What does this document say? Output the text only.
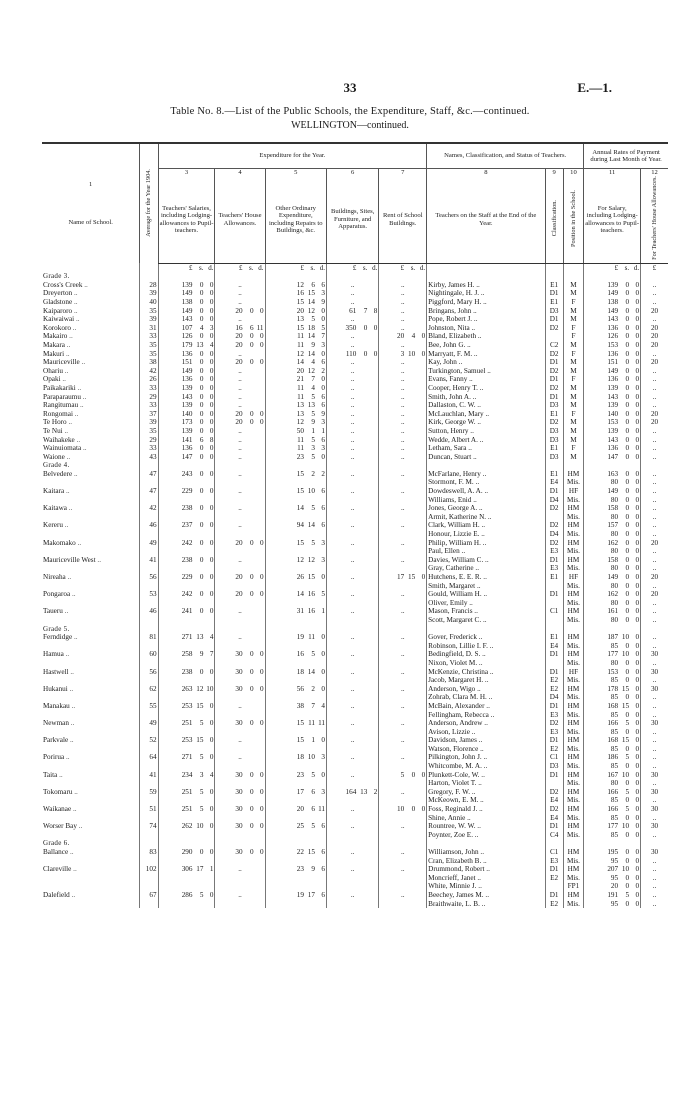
33	E.—1.
Table No. 8.—List of the Public Schools, the Expenditure, Staff, &c.—continued.
WELLINGTON—continued.
1
Name of School.	Average for the Year 1904.	Expenditure for the Year.					Names, Classification, and Status of Teachers.			Annual Rates of Payment during Last Month of Year.	
		3	4	5	6	7	8	9	10	11	12
		Teachers' Salaries, including Lodging-allowances to Pupil-teachers.	Teachers' House Allowances.	Other Ordinary Expenditure, including Repairs to Buildings, &c.	Buildings, Sites, Furniture, and Apparatus.	Rent of School Buildings.	Teachers on the Staff at the End of the Year.	Classification.	Position in the School.	For Salary, including Lodging-allowances to Pupil-teachers.	For Teachers' House Allowances.

		£ s. d.	£ s. d.	£ s. d.	£ s. d.	£ s. d.				£ s. d.	£
Grade 3.											
Cross's Creek ..	28	139 0 0	..	12 6 6	..	..	Kirby, James H. ..	E1	M	139 0 0	..
Dreyerton ..	39	149 0 0	..	16 15 3	..	..	Nightingale, H. J. ..	D1	M	149 0 0	..
Gladstone ..	40	138 0 0	..	15 14 9	..	..	Piggford, Mary H. ..	E1	F	138 0 0	..
Kaiparoro ..	35	149 0 0	20 0 0	20 12 0	61 7 8	..	Bringans, John ..	D3	M	149 0 0	20
Kaiwaiwai ..	39	143 0 0	..	13 5 0	..	..	Pope, Robert J. ..	D1	M	143 0 0	..
Korokoro ..	31	107 4 3	16 6 11	15 18 5	350 0 0	..	Johnston, Nita ..	D2	F	136 0 0	20
Makairo ..	33	126 0 0	20 0 0	11 14 7	..	20 4 0	Bland, Elizabeth ..		F	126 0 0	20
Makara ..	35	179 13 4	20 0 0	11 9 3	..	..	Bee, John G. ..	C2	M	153 0 0	20
Makuri ..	35	136 0 0	..	12 14 0	110 0 0	3 10 0	Marryatt, F. M. ..	D2	F	136 0 0	..
Mauriceville ..	38	151 0 0	20 0 0	14 4 6	..	..	Kay, John ..	D1	M	151 0 0	20
Ohariu ..	42	149 0 0	..	20 12 2	..	..	Turkington, Samuel ..	D2	M	149 0 0	..
Opaki ..	26	136 0 0	..	21 7 0	..	..	Evans, Fanny ..	D1	F	136 0 0	..
Paikakariki ..	33	139 0 0	..	11 4 0	..	..	Cooper, Henry T. ..	D2	M	139 0 0	..
Paraparaumu ..	29	143 0 0	..	11 5 6	..	..	Smith, John A. ..	D1	M	143 0 0	..
Rangitumau ..	33	139 0 0	..	13 13 6	..	..	Dallaston, C. W. ..	D3	M	139 0 0	..
Rongomai ..	37	140 0 0	20 0 0	13 5 9	..	..	McLauchlan, Mary ..	E1	F	140 0 0	20
Te Horo ..	39	173 0 0	20 0 0	12 9 3	..	..	Kirk, George W. ..	D2	M	153 0 0	20
Te Nui ..	35	139 0 0	..	50 1 1	..	..	Sutton, Henry ..	D3	M	139 0 0	..
Waihakeke ..	29	141 6 8	..	11 5 6	..	..	Wedde, Albert A. ..	D3	M	143 0 0	..
Wainuiomata ..	33	136 0 0	..	11 3 3	..	..	Letham, Sara ..	E1	F	136 0 0	..
Waione ..	43	147 0 0	..	23 5 0	..	..	Duncan, Stuart ..	D3	M	147 0 0	..
Grade 4.											
Belvedere ..	47	243 0 0	..	15 2 2	..	..	McFarlane, Henry ..	E1	HM	163 0 0	..
							Stormont, F. M. ..	E4	Mis.	80 0 0	..
Kaitara ..	47	229 0 0	..	15 10 6	..	..	Dowdeswell, A. A. ..	D1	HF	149 0 0	..
							Williams, Enid ..	D4	Mis.	80 0 0	..
Kaitawa ..	42	238 0 0	..	14 5 6	..	..	Jones, George A. ..	D2	HM	158 0 0	..
							Armit, Katherine N. ..		Mis.	80 0 0	..
Kereru ..	46	237 0 0	..	94 14 6	..	..	Clark, William H. ..	D2	HM	157 0 0	..
							Honour, Lizzie E. ..	D4	Mis.	80 0 0	..
Makomako ..	49	242 0 0	20 0 0	15 5 3	..	..	Philip, William H. ..	D2	HM	162 0 0	20
							Paul, Ellen ..	E3	Mis.	80 0 0	..
Mauriceville West ..	41	238 0 0	..	12 12 3	..	..	Davies, William C. ..	D1	HM	158 0 0	..
							Gray, Catherine ..	E3	Mis.	80 0 0	..
Nireaha ..	56	229 0 0	20 0 0	26 15 0	..	17 15 0	Hutchens, E. E. R. ..	E1	HF	149 0 0	20
							Smith, Margaret ..		Mis.	80 0 0	..
Pongaroa ..	53	242 0 0	20 0 0	14 16 5	..	..	Gould, William H. ..	D1	HM	162 0 0	20
							Oliver, Emily ..		Mis.	80 0 0	..
Taueru ..	46	241 0 0	..	31 16 1	..	..	Mason, Francis ..	C1	HM	161 0 0	..
							Scott, Margaret C. ..		Mis.	80 0 0	..
Grade 5.											
Ferndidge ..	81	271 13 4	..	19 11 0	..	..	Gover, Frederick ..	E1	HM	187 10 0	..
							Robinson, Lillie I. F. ..	E4	Mis.	85 0 0	..
Hamua ..	60	258 9 7	30 0 0	16 5 0	..	..	Bedingfield, D. S. ..	D1	HM	177 10 0	30
							Nixon, Violet M. ..		Mis.	80 0 0	..
Hastwell ..	56	238 0 0	30 0 0	18 14 0	..	..	McKenzie, Christina ..	D1	HF	153 0 0	30
							Jacob, Margaret H. ..	E2	Mis.	85 0 0	..
Hukanui ..	62	263 12 10	30 0 0	56 2 0	..	..	Anderson, Wigo ..	E2	HM	178 15 0	30
							Zohrab, Clara M. H. ..	D4	Mis.	85 0 0	..
Manakau ..	55	253 15 0	..	38 7 4	..	..	McBain, Alexander ..	D1	HM	168 15 0	..
							Fellingham, Rebecca ..	E3	Mis.	85 0 0	..
Newman ..	49	251 5 0	30 0 0	15 11 11	..	..	Anderson, Andrew ..	D2	HM	166 5 0	30
							Avison, Lizzie ..	E3	Mis.	85 0 0	..
Parkvale ..	52	253 15 0	..	15 1 0	..	..	Davidson, James ..	D1	HM	168 15 0	..
							Watson, Florence ..	E2	Mis.	85 0 0	..
Porirua ..	64	271 5 0	..	18 10 3	..	..	Pilkington, John J. ..	C1	HM	186 5 0	..
							Whitcombe, M. A. ..	D3	Mis.	85 0 0	..
Taita ..	41	234 3 4	30 0 0	23 5 0	..	5 0 0	Plunkett-Cole, W. ..	D1	HM	167 10 0	30
							Harton, Violet T. ..		Mis.	80 0 0	..
Tokomaru ..	59	251 5 0	30 0 0	17 6 3	164 13 2	..	Gregory, F. W. ..	D2	HM	166 5 0	30
							McKeown, E. M. ..	E4	Mis.	85 0 0	..
Waikanae ..	51	251 5 0	30 0 0	20 6 11	..	10 0 0	Foss, Reginald J. ..	D2	HM	166 5 0	30
							Shine, Annie ..	E4	Mis.	85 0 0	..
Worser Bay ..	74	262 10 0	30 0 0	25 5 6	..	..	Rountree, W. W. ..	D1	HM	177 10 0	30
							Poynter, Zoe E. ..	C4	Mis.	85 0 0	..
Grade 6.											
Ballance ..	83	290 0 0	30 0 0	22 15 6	..	..	Williamson, John ..	C1	HM	195 0 0	30
							Cran, Elizabeth B. ..	E3	Mis.	95 0 0	..
Clareville ..	102	306 17 1	..	23 9 6	..	..	Drummond, Robert ..	D1	HM	207 10 0	..
							Moncrieff, Janet ..	E2	Mis.	95 0 0	..
							White, Minnie J. ..		FP1	20 0 0	..
Dalefield ..	67	286 5 0	..	19 17 6	..	..	Beechey, James M. ..	D1	HM	191 5 0	..
							Braithwaite, L. B. ..	E2	Mis.	95 0 0	..
